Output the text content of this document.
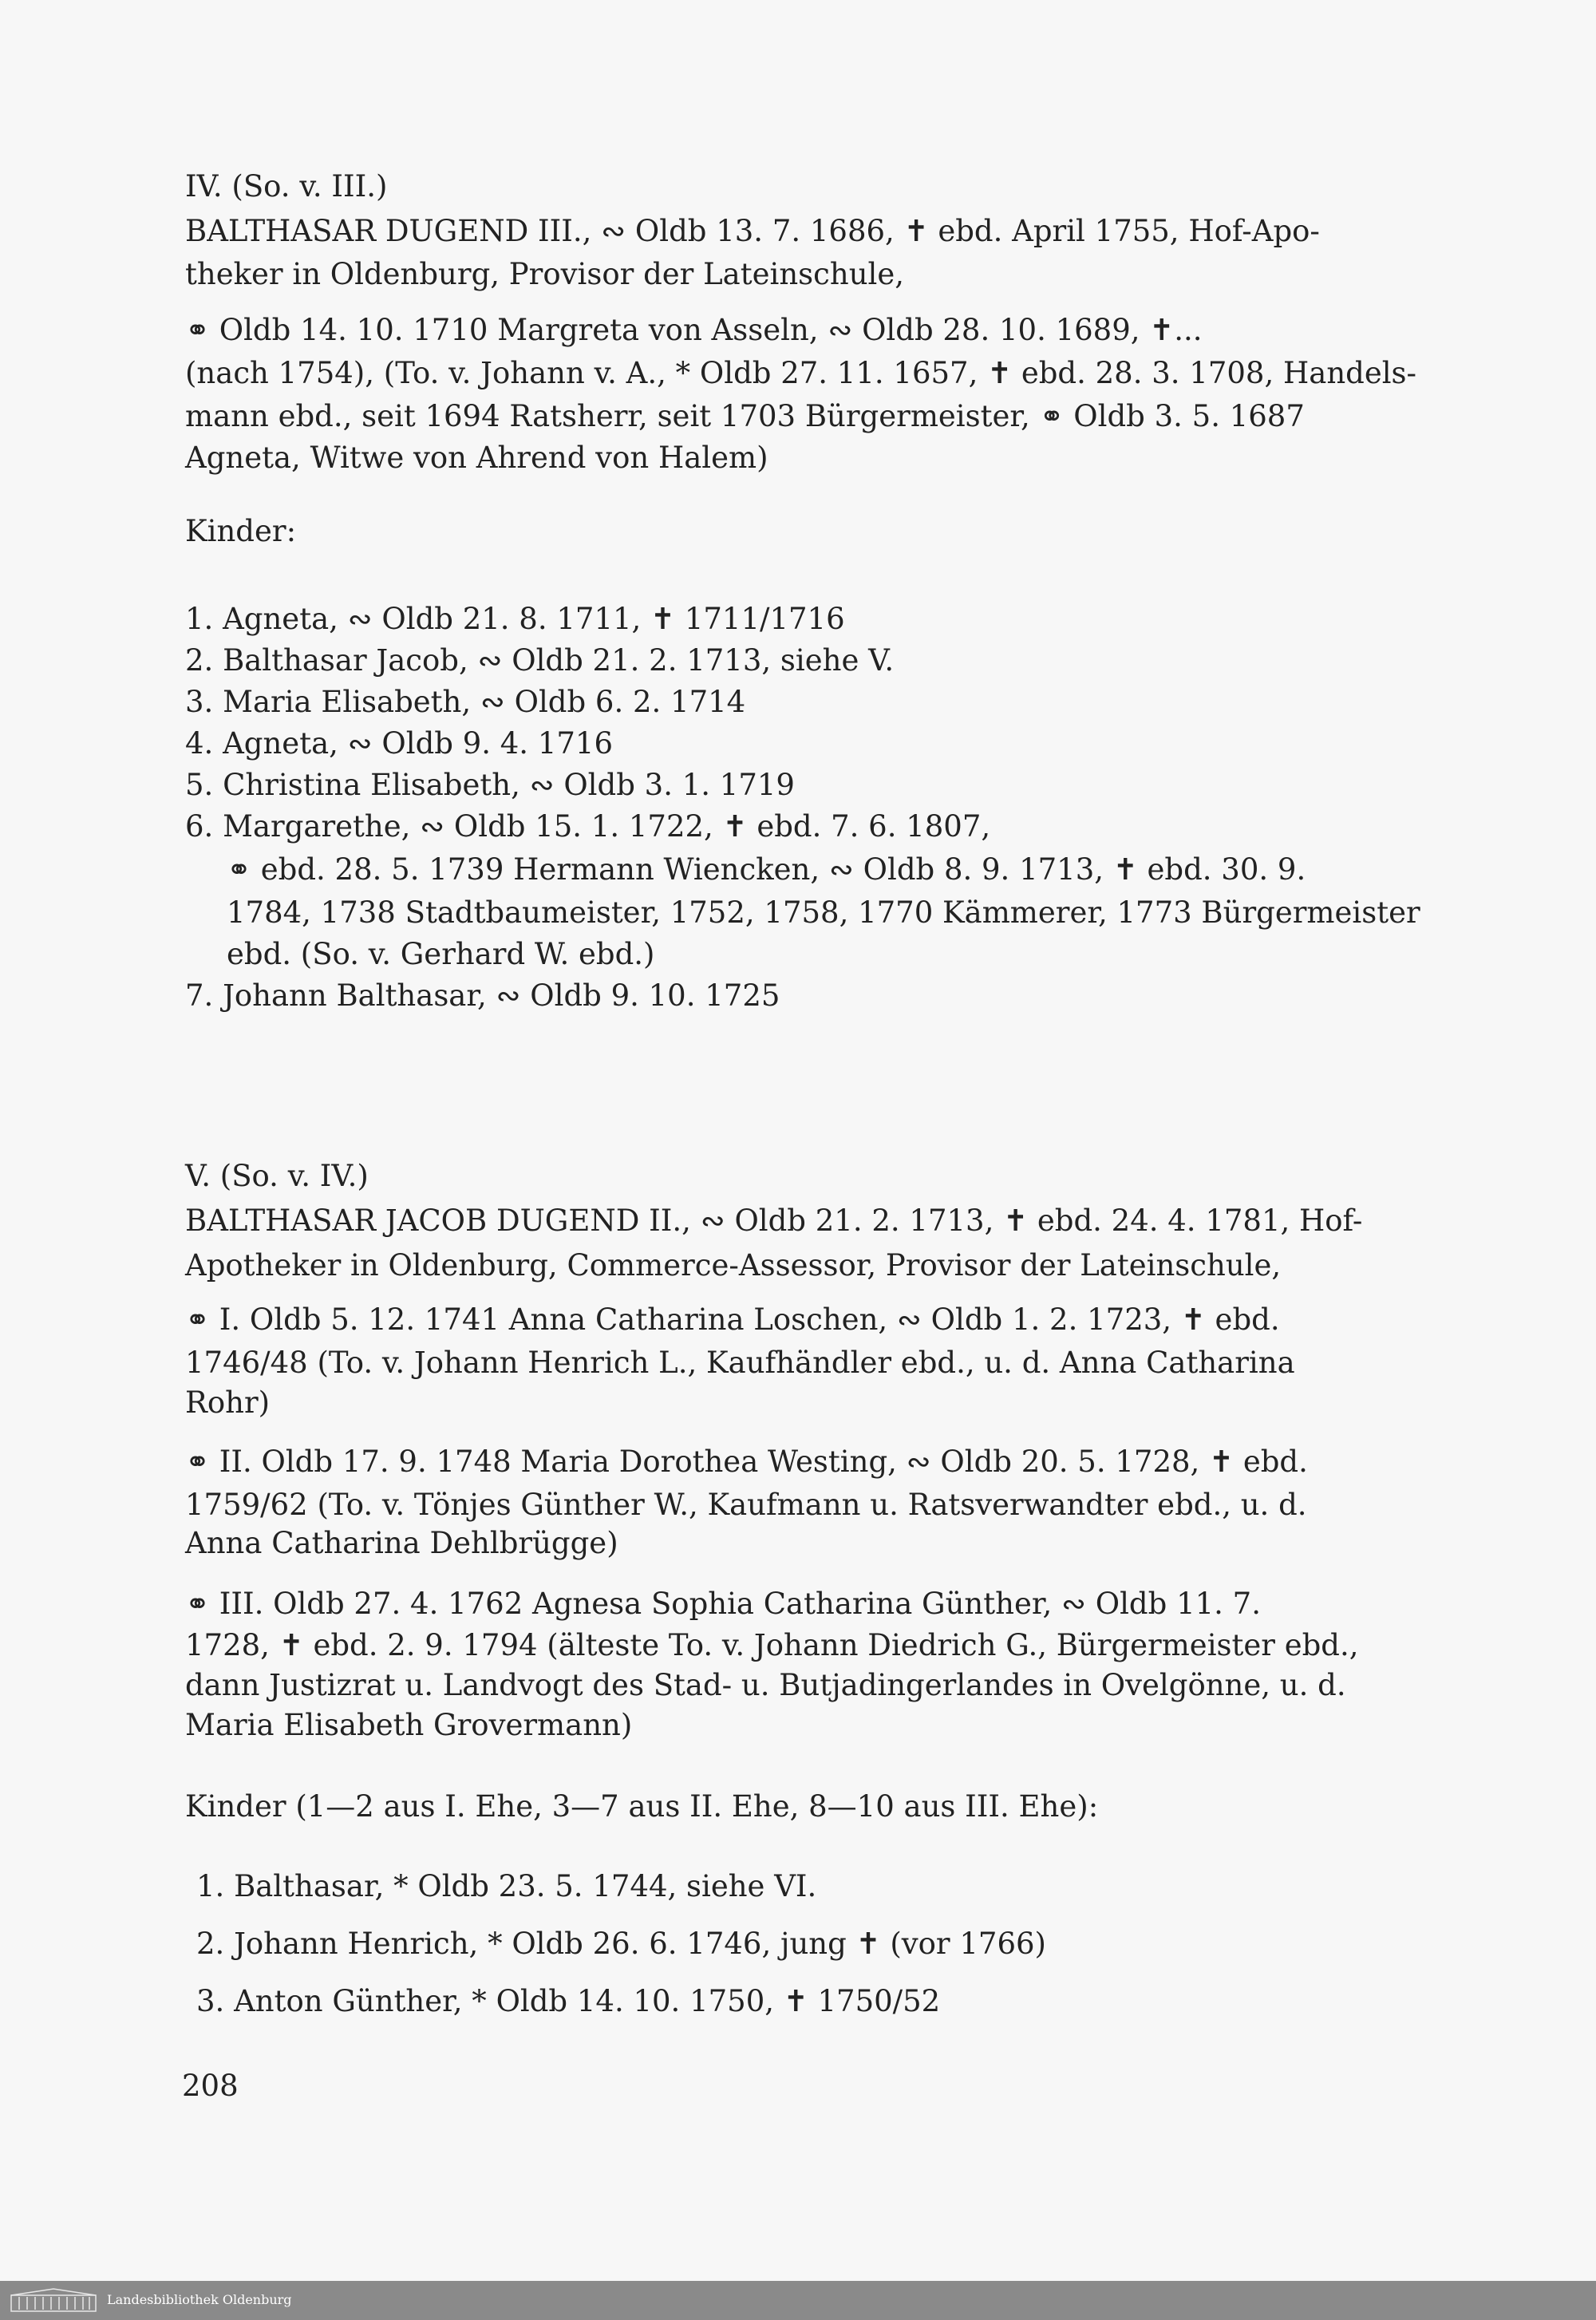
IV. (So. v. III.)
BALTHASAR DUGEND III., ∾ Oldb 13. 7. 1686, ✝ ebd. April 1755, Hof-Apo-
theker in Oldenburg, Provisor der Lateinschule,
⚭ Oldb 14. 10. 1710 Margreta von Asseln, ∾ Oldb 28. 10. 1689, ✝...
(nach 1754), (To. v. Johann v. A., * Oldb 27. 11. 1657, ✝ ebd. 28. 3. 1708, Handels-
mann ebd., seit 1694 Ratsherr, seit 1703 Bürgermeister, ⚭ Oldb 3. 5. 1687
Agneta, Witwe von Ahrend von Halem)
Kinder:
1. Agneta, ∾ Oldb 21. 8. 1711, ✝ 1711/1716
2. Balthasar Jacob, ∾ Oldb 21. 2. 1713, siehe V.
3. Maria Elisabeth, ∾ Oldb 6. 2. 1714
4. Agneta, ∾ Oldb 9. 4. 1716
5. Christina Elisabeth, ∾ Oldb 3. 1. 1719
6. Margarethe, ∾ Oldb 15. 1. 1722, ✝ ebd. 7. 6. 1807,
⚭ ebd. 28. 5. 1739 Hermann Wiencken, ∾ Oldb 8. 9. 1713, ✝ ebd. 30. 9.
1784, 1738 Stadtbaumeister, 1752, 1758, 1770 Kämmerer, 1773 Bürgermeister
ebd. (So. v. Gerhard W. ebd.)
7. Johann Balthasar, ∾ Oldb 9. 10. 1725
V. (So. v. IV.)
BALTHASAR JACOB DUGEND II., ∾ Oldb 21. 2. 1713, ✝ ebd. 24. 4. 1781, Hof-
Apotheker in Oldenburg, Commerce-Assessor, Provisor der Lateinschule,
⚭ I. Oldb 5. 12. 1741 Anna Catharina Loschen, ∾ Oldb 1. 2. 1723, ✝ ebd.
1746/48 (To. v. Johann Henrich L., Kaufhändler ebd., u. d. Anna Catharina
Rohr)
⚭ II. Oldb 17. 9. 1748 Maria Dorothea Westing, ∾ Oldb 20. 5. 1728, ✝ ebd.
1759/62 (To. v. Tönjes Günther W., Kaufmann u. Ratsverwandter ebd., u. d.
Anna Catharina Dehlbrügge)
⚭ III. Oldb 27. 4. 1762 Agnesa Sophia Catharina Günther, ∾ Oldb 11. 7.
1728, ✝ ebd. 2. 9. 1794 (älteste To. v. Johann Diedrich G., Bürgermeister ebd.,
dann Justizrat u. Landvogt des Stad- u. Butjadingerlandes in Ovelgönne, u. d.
Maria Elisabeth Grovermann)
Kinder (1—2 aus I. Ehe, 3—7 aus II. Ehe, 8—10 aus III. Ehe):
1. Balthasar, * Oldb 23. 5. 1744, siehe VI.
2. Johann Henrich, * Oldb 26. 6. 1746, jung ✝ (vor 1766)
3. Anton Günther, * Oldb 14. 10. 1750, ✝ 1750/52
208
Landesbibliothek Oldenburg
